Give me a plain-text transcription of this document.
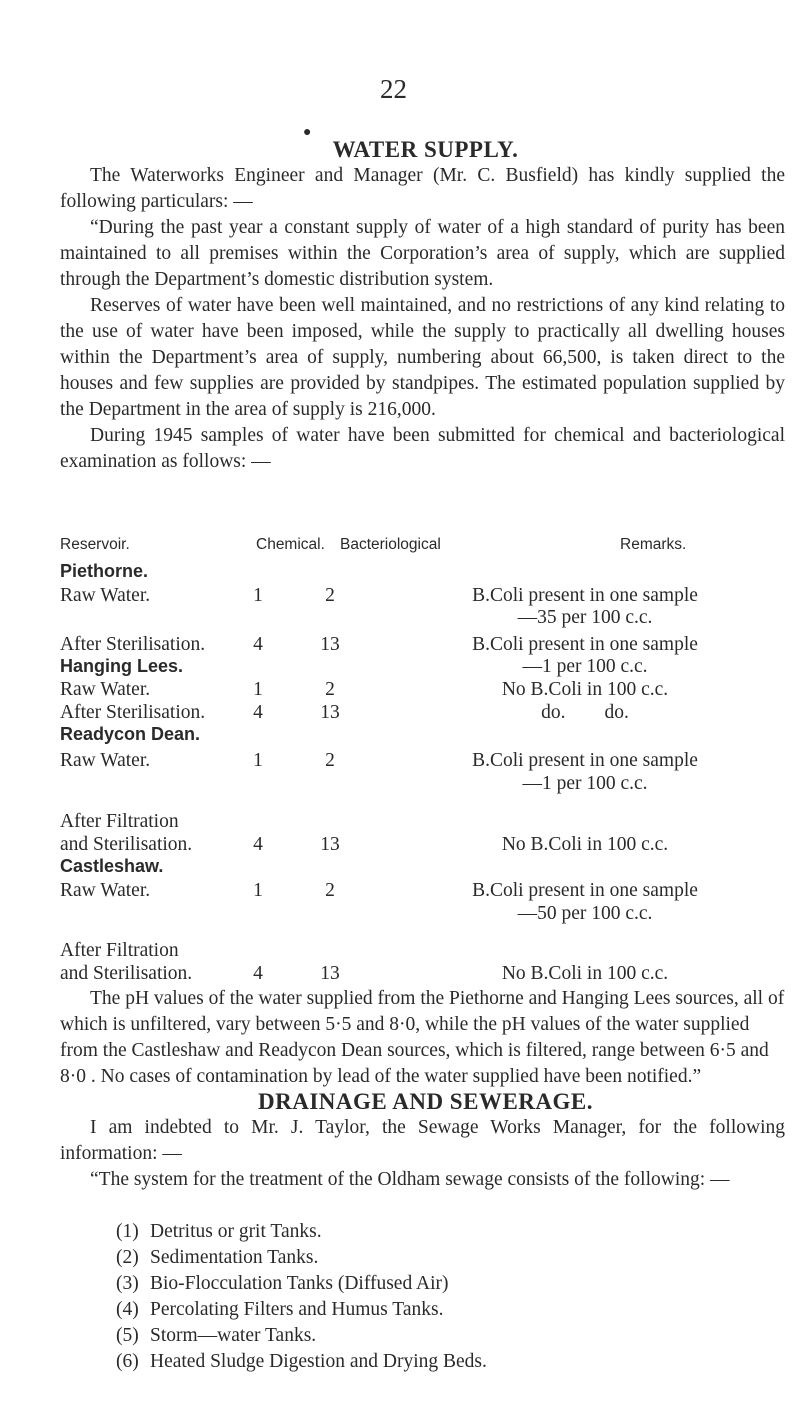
22
●
WATER SUPPLY.

The Waterworks Engineer and Manager (Mr. C. Busfield) has kindly supplied the following particulars: —

“During the past year a constant supply of water of a high standard of purity has been maintained to all premises within the Corporation’s area of supply, which are supplied through the Department’s domestic distribution system.

Reserves of water have been well maintained, and no restrictions of any kind relating to the use of water have been imposed, while the supply to practically all dwelling houses within the Department’s area of supply, numbering about 66,500, is taken direct to the houses and few supplies are provided by standpipes. The estimated population supplied by the Department in the area of supply is 216,000.

During 1945 samples of water have been submitted for chemical and bacteriological examination as follows: —

Reservoir.	Chemical. Bacteriological	Remarks.
Piethorne.
Raw Water.	1	2	B.Coli present in one sample
—35 per 100 c.c.
After Sterilisation.	4	13	B.Coli present in one sample
—1 per 100 c.c.
Hanging Lees.
Raw Water.	1	2	No B.Coli in 100 c.c.
After Sterilisation.	4	13	do.        do.
Readycon Dean.
Raw Water.	1	2	B.Coli present in one sample
—1 per 100 c.c.
After Filtration
and Sterilisation.	4	13	No B.Coli in 100 c.c.
Castleshaw.
Raw Water.	1	2	B.Coli present in one sample
—50 per 100 c.c.
After Filtration
and Sterilisation.	4	13	No B.Coli in 100 c.c.

The pH values of the water supplied from the Piethorne and Hanging Lees sources, all of which is unfiltered, vary between 5·5 and 8·0, while the pH values of the water supplied from the Castleshaw and Readycon Dean sources, which is filtered, range between 6·5 and 8·0 . No cases of contamination by lead of the water supplied have been notified.”

DRAINAGE AND SEWERAGE.

I am indebted to Mr. J. Taylor, the Sewage Works Manager, for the following information: —

“The system for the treatment of the Oldham sewage consists of the following: —

(1) Detritus or grit Tanks.
(2) Sedimentation Tanks.
(3) Bio-Flocculation Tanks (Diffused Air)
(4) Percolating Filters and Humus Tanks.
(5) Storm—water Tanks.
(6) Heated Sludge Digestion and Drying Beds.
